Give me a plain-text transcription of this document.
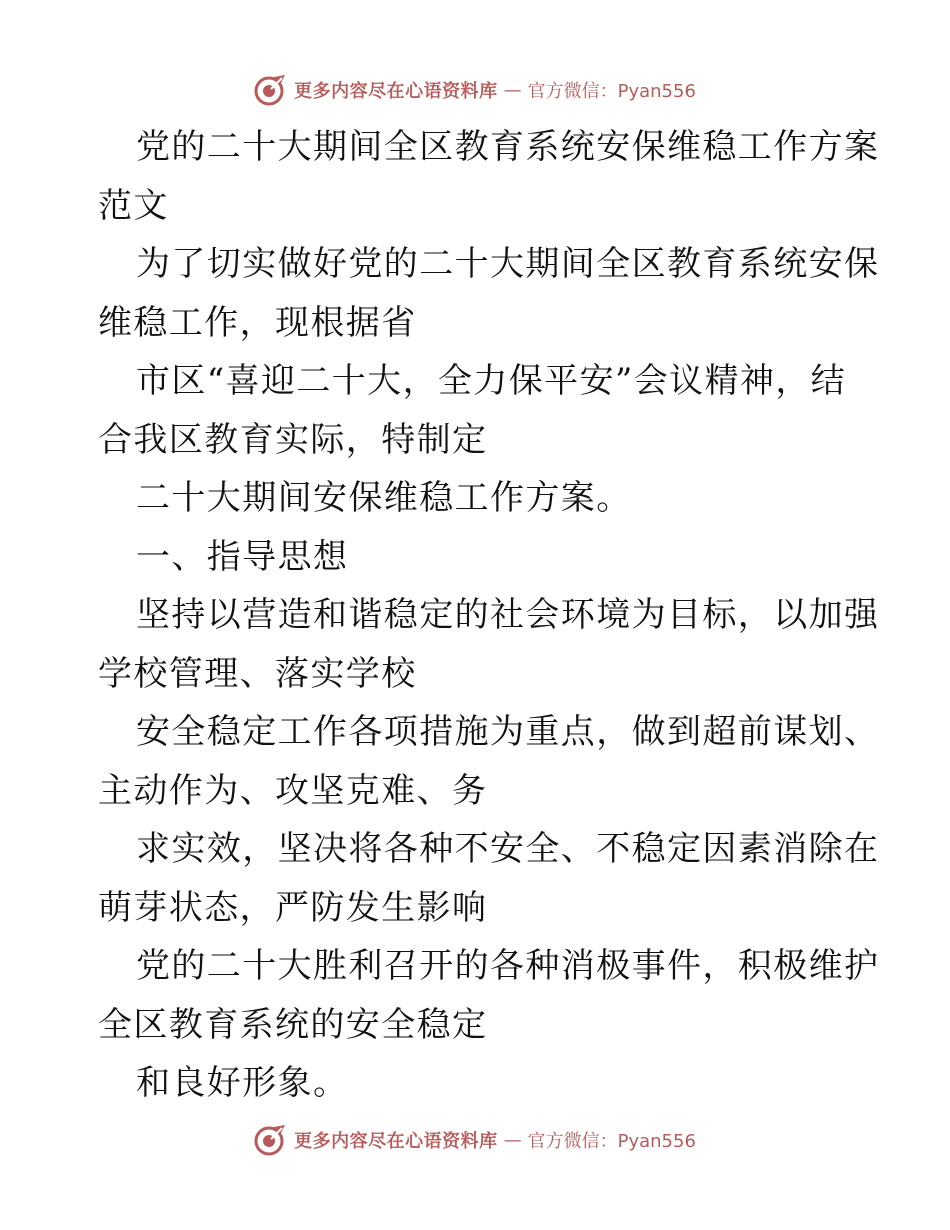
更多内容尽在心语资料库 — 官方微信：Pyan556
党的二十大期间全区教育系统安保维稳工作方案
范文
为了切实做好党的二十大期间全区教育系统安保
维稳工作，现根据省
市区“喜迎二十大，全力保平安”会议精神，结
合我区教育实际，特制定
二十大期间安保维稳工作方案。
一、指导思想
坚持以营造和谐稳定的社会环境为目标，以加强
学校管理、落实学校
安全稳定工作各项措施为重点，做到超前谋划、
主动作为、攻坚克难、务
求实效，坚决将各种不安全、不稳定因素消除在
萌芽状态，严防发生影响
党的二十大胜利召开的各种消极事件，积极维护
全区教育系统的安全稳定
和良好形象。
更多内容尽在心语资料库 — 官方微信：Pyan556
